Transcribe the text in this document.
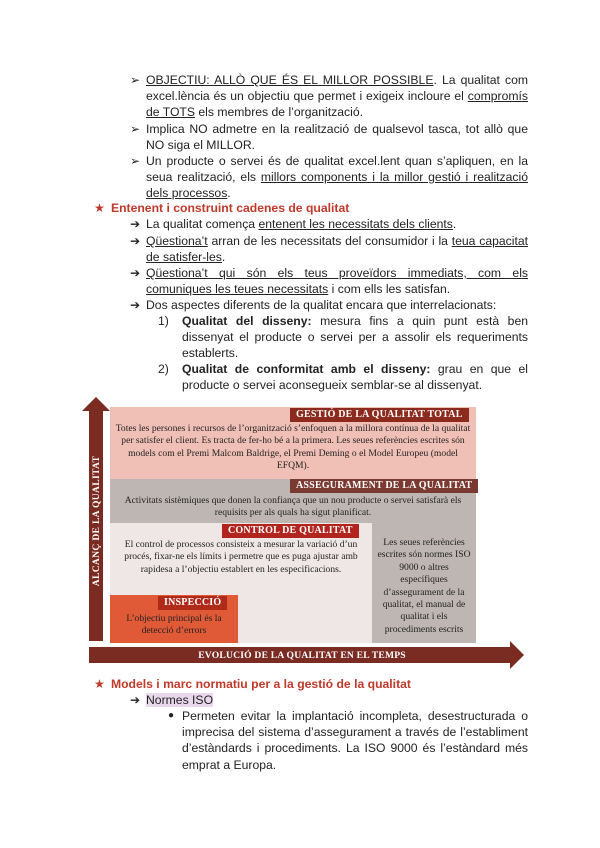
➢ OBJECTIU: ALLÒ QUE ÉS EL MILLOR POSSIBLE. La qualitat com excel.lència és un objectiu que permet i exigeix incloure el compromís de TOTS els membres de l’organització.
➢ Implica NO admetre en la realització de qualsevol tasca, tot allò que NO siga el MILLOR.
➢ Un producte o servei és de qualitat excel.lent quan s’apliquen, en la seua realització, els millors components i la millor gestió i realització dels processos.
★ Entenent i construint cadenes de qualitat
➔ La qualitat comença entenent les necessitats dels clients.
➔ Qüestiona’t arran de les necessitats del consumidor i la teua capacitat de satisfer-les.
➔ Qüestiona’t qui són els teus proveïdors immediats, com els comuniques les teues necessitats i com ells les satisfan.
➔ Dos aspectes diferents de la qualitat encara que interrelacionats:
1)	Qualitat del disseny: mesura fins a quin punt està ben dissenyat el producte o servei per a assolir els requeriments establerts.
2)	Qualitat de conformitat amb el disseny: grau en que el producte o servei aconsegueix semblar-se al dissenyat.
ALCANÇ DE LA QUALITAT
EVOLUCIÓ DE LA QUALITAT EN EL TEMPS
GESTIÓ DE LA QUALITAT TOTAL
Totes les persones i recursos de l’organització s’enfoquen a la millora contínua de la qualitat per satisfer el client. Es tracta de fer-ho bé a la primera. Les seues referències escrites són models com el Premi Malcom Baldrige, el Premi Deming o el Model Europeu (model EFQM).
ASSEGURAMENT DE LA QUALITAT
Activitats sistèmiques que donen la confiança que un nou producte o servei satisfarà els requisits per als quals ha sigut planificat.
CONTROL DE QUALITAT
El control de processos consisteix a mesurar la variació d’un procés, fixar-ne els límits i permetre que es puga ajustar amb rapidesa a l’objectiu establert en les especificacions.
Les seues referències escrites són normes ISO 9000 o altres específiques d’assegurament de la qualitat, el manual de qualitat i els procediments escrits
INSPECCIÓ
L’objectiu principal és la detecció d’errors
★ Models i marc normatiu per a la gestió de la qualitat
➔ Normes ISO
● Permeten evitar la implantació incompleta, desestructurada o imprecisa del sistema d’assegurament a través de l’establiment d’estàndards i procediments. La ISO 9000 és l’estàndard més emprat a Europa.
